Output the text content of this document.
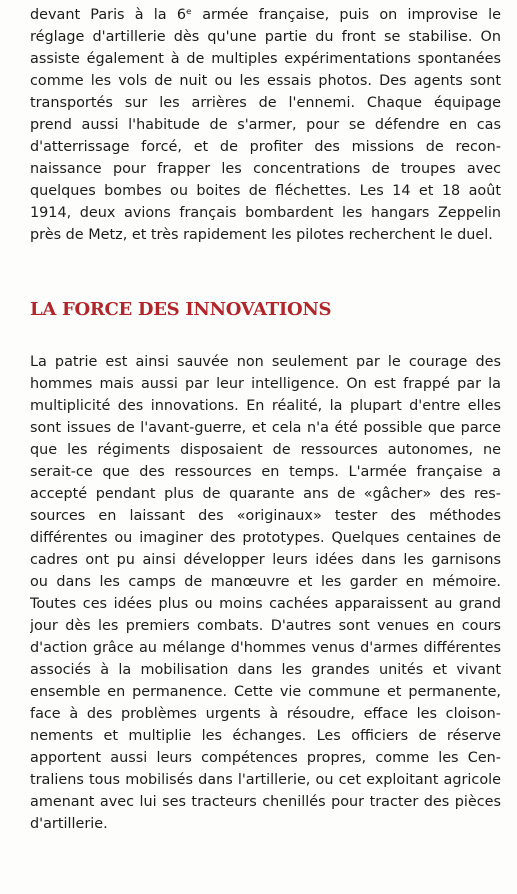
devant Paris à la 6ᵉ armée française, puis on improvise le
réglage d'artillerie dès qu'une partie du front se stabilise. On
assiste également à de multiples expérimentations spontanées
comme les vols de nuit ou les essais photos. Des agents sont
transportés sur les arrières de l'ennemi. Chaque équipage
prend aussi l'habitude de s'armer, pour se défendre en cas
d'atterrissage forcé, et de profiter des missions de recon-
naissance pour frapper les concentrations de troupes avec
quelques bombes ou boites de fléchettes. Les 14 et 18 août
1914, deux avions français bombardent les hangars Zeppelin
près de Metz, et très rapidement les pilotes recherchent le duel.
LA FORCE DES INNOVATIONS
La patrie est ainsi sauvée non seulement par le courage des
hommes mais aussi par leur intelligence. On est frappé par la
multiplicité des innovations. En réalité, la plupart d'entre elles
sont issues de l'avant-guerre, et cela n'a été possible que parce
que les régiments disposaient de ressources autonomes, ne
serait-ce que des ressources en temps. L'armée française a
accepté pendant plus de quarante ans de «gâcher» des res-
sources en laissant des «originaux» tester des méthodes
différentes ou imaginer des prototypes. Quelques centaines de
cadres ont pu ainsi développer leurs idées dans les garnisons
ou dans les camps de manœuvre et les garder en mémoire.
Toutes ces idées plus ou moins cachées apparaissent au grand
jour dès les premiers combats. D'autres sont venues en cours
d'action grâce au mélange d'hommes venus d'armes différentes
associés à la mobilisation dans les grandes unités et vivant
ensemble en permanence. Cette vie commune et permanente,
face à des problèmes urgents à résoudre, efface les cloison-
nements et multiplie les échanges. Les officiers de réserve
apportent aussi leurs compétences propres, comme les Cen-
traliens tous mobilisés dans l'artillerie, ou cet exploitant agricole
amenant avec lui ses tracteurs chenillés pour tracter des pièces
d'artillerie.
